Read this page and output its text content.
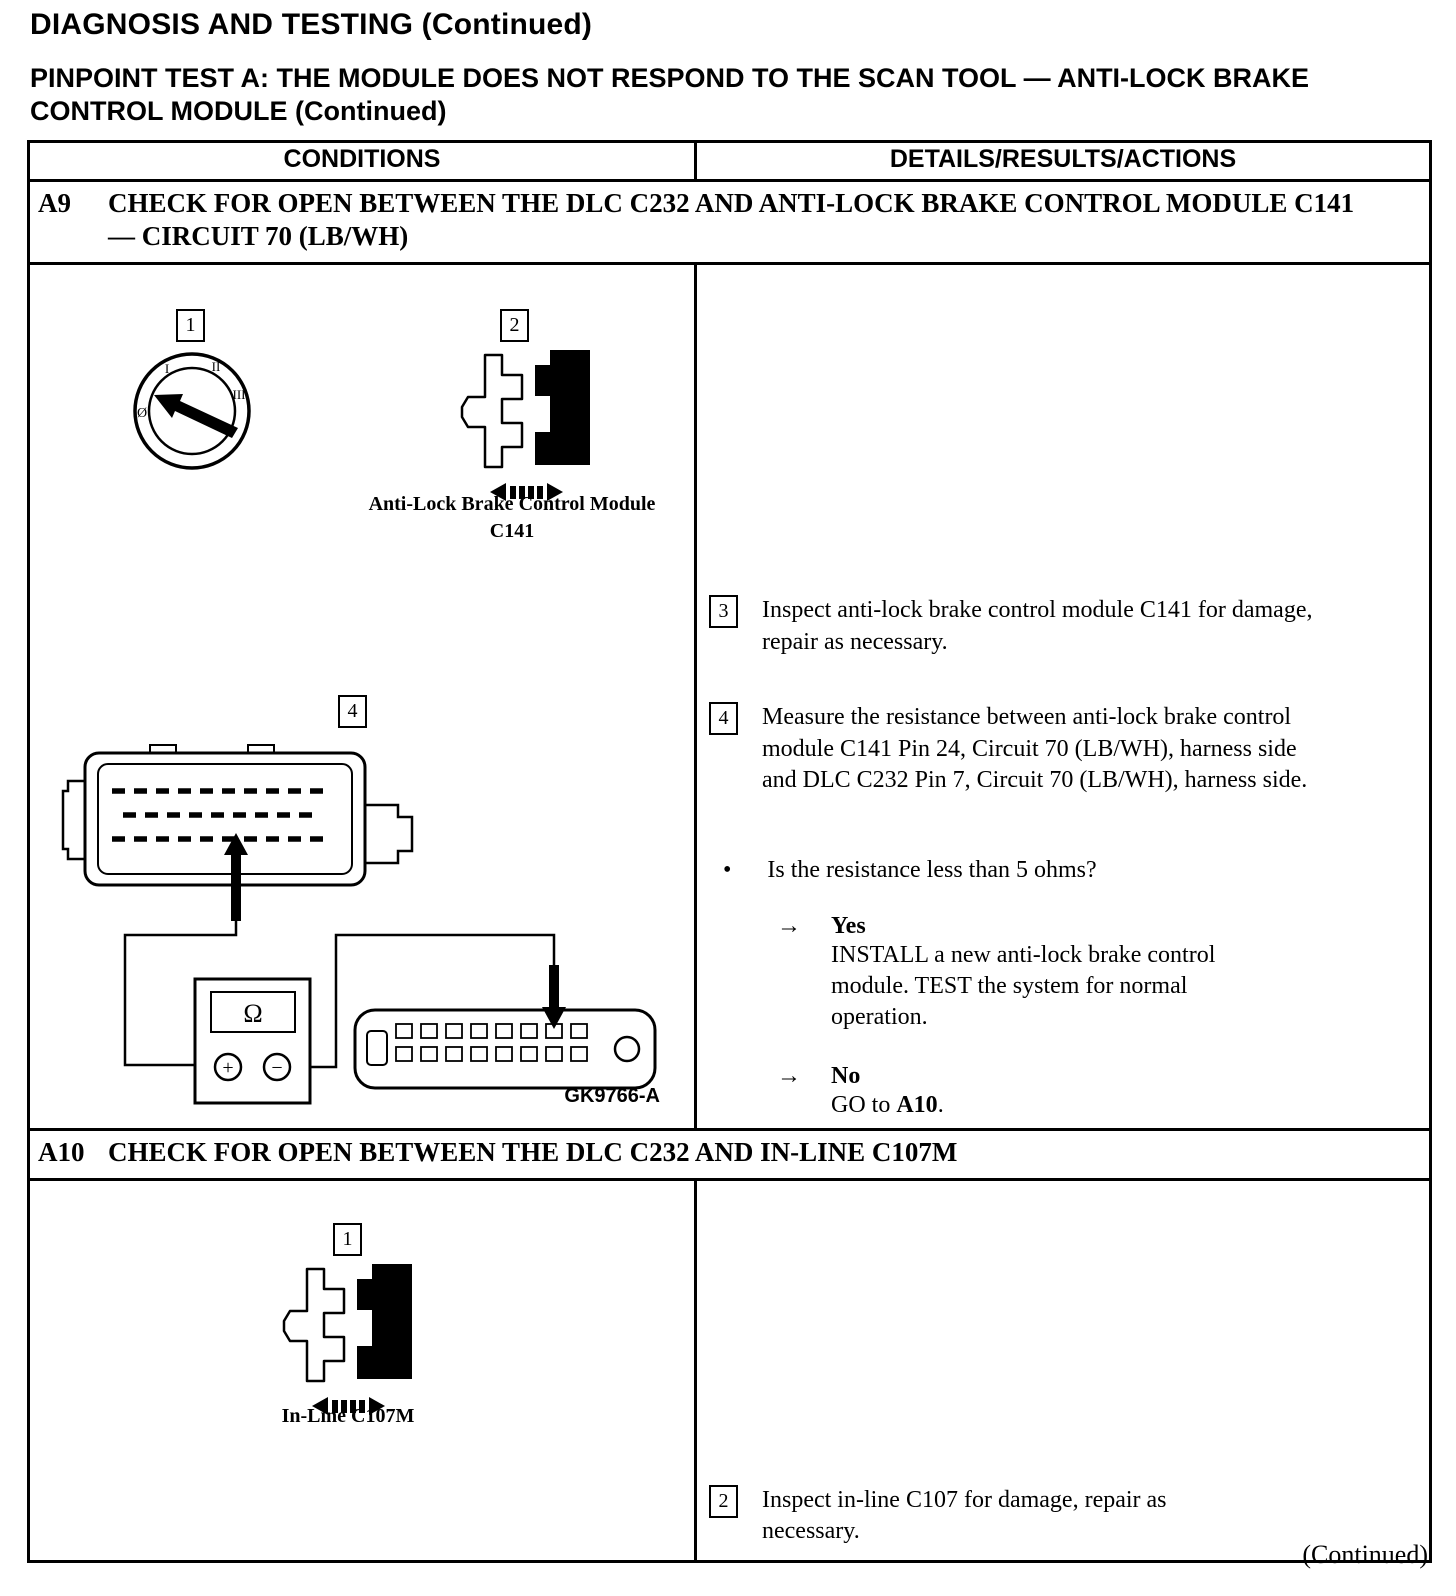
DIAGNOSIS AND TESTING (Continued)
PINPOINT TEST A: THE MODULE DOES NOT RESPOND TO THE SCAN TOOL — ANTI-LOCK BRAKE CONTROL MODULE (Continued)
CONDITIONS	DETAILS/RESULTS/ACTIONS
A9	CHECK FOR OPEN BETWEEN THE DLC C232 AND ANTI-LOCK BRAKE CONTROL MODULE C141 — CIRCUIT 70 (LB/WH)
1	2
4
Ø
I	II
III
Ω
+ −
Anti-Lock Brake Control Module
C141
GK9766-A
3 Inspect anti-lock brake control module C141 for damage, repair as necessary.
4 Measure the resistance between anti-lock brake control module C141 Pin 24, Circuit 70 (LB/WH), harness side and DLC C232 Pin 7, Circuit 70 (LB/WH), harness side.
• Is the resistance less than 5 ohms?
→ Yes
INSTALL a new anti-lock brake control module. TEST the system for normal operation.
→ No
GO to A10.
A10 CHECK FOR OPEN BETWEEN THE DLC C232 AND IN-LINE C107M
1
In-Line C107M
2 Inspect in-line C107 for damage, repair as necessary.
(Continued)
